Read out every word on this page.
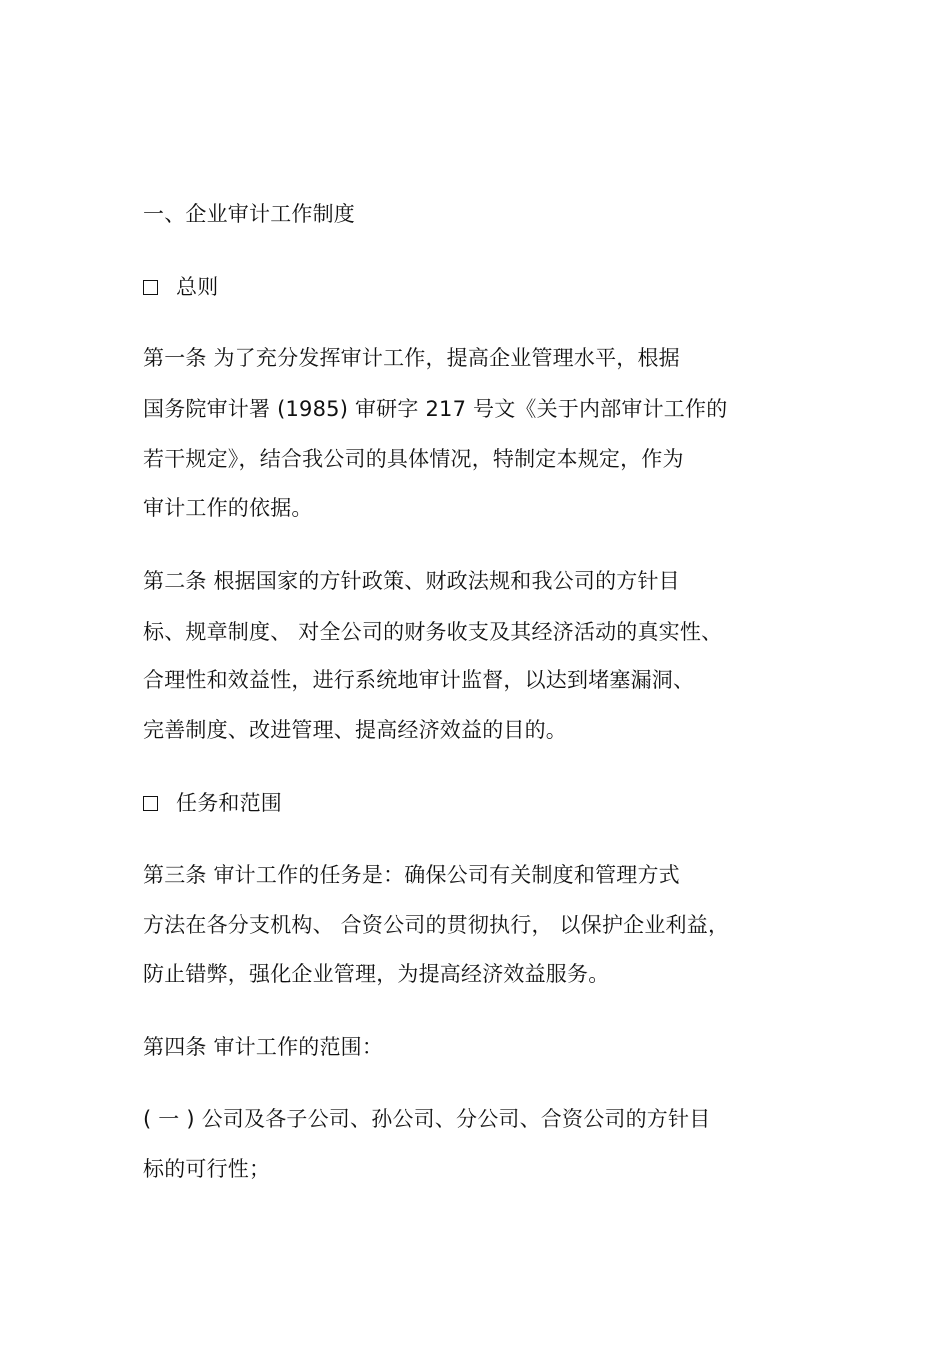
一、企业审计工作制度
总则
第一条 为了充分发挥审计工作，提高企业管理水平，根据
国务院审计署 (1985) 审研字 217 号文《关于内部审计工作的
若干规定》，结合我公司的具体情况，特制定本规定，作为
审计工作的依据。
第二条 根据国家的方针政策、财政法规和我公司的方针目
标、规章制度、 对全公司的财务收支及其经济活动的真实性、
合理性和效益性，进行系统地审计监督，以达到堵塞漏洞、
完善制度、改进管理、提高经济效益的目的。
任务和范围
第三条 审计工作的任务是：确保公司有关制度和管理方式
方法在各分支机构、 合资公司的贯彻执行， 以保护企业利益，
防止错弊，强化企业管理，为提高经济效益服务。
第四条 审计工作的范围：
( 一 ) 公司及各子公司、孙公司、分公司、合资公司的方针目
标的可行性；
